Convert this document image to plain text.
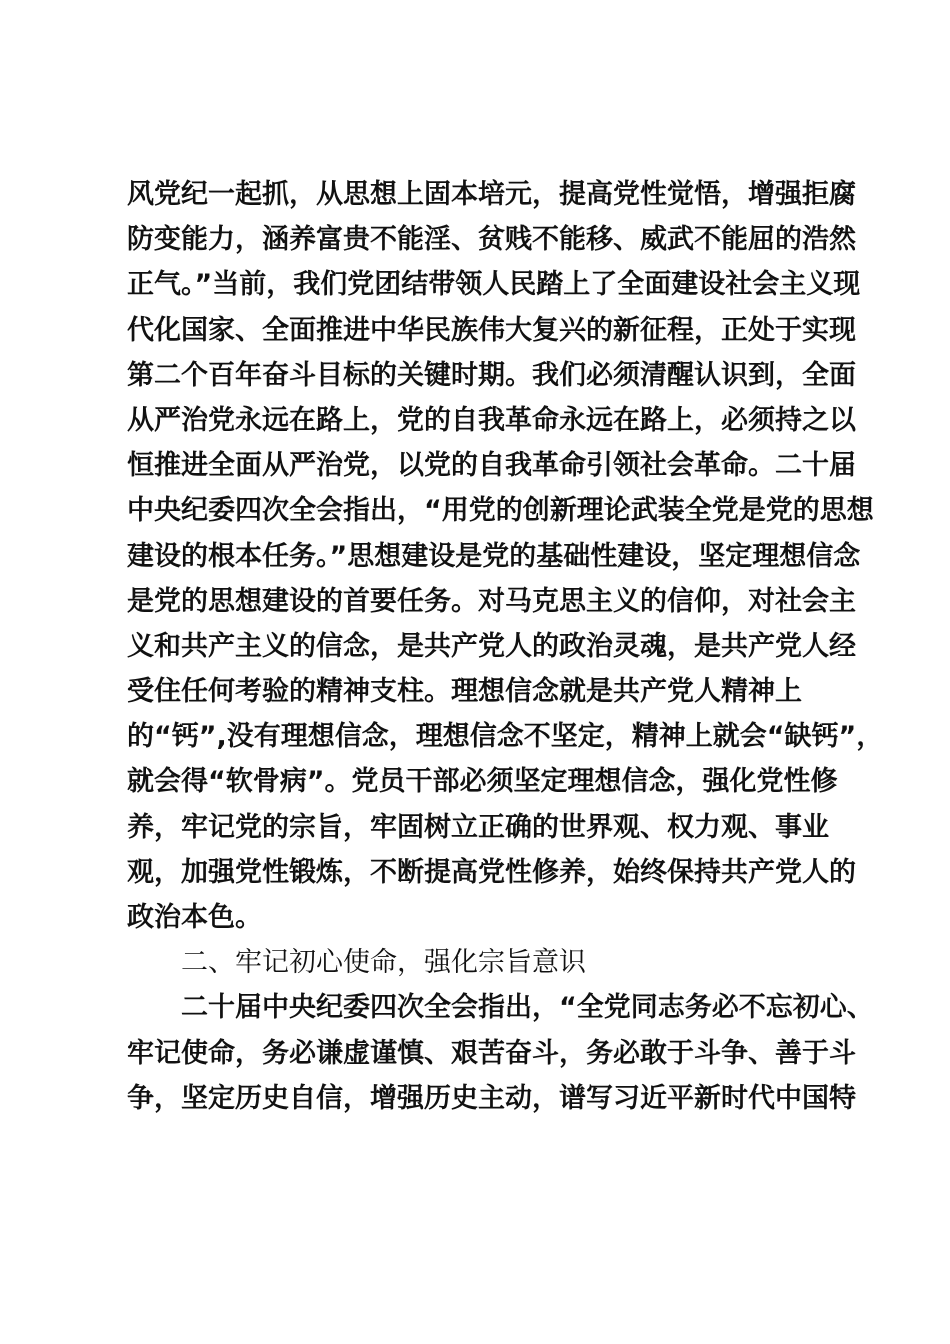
风党纪一起抓，从思想上固本培元，提高党性觉悟，增强拒腐
防变能力，涵养富贵不能淫、贫贱不能移、威武不能屈的浩然
正气。”当前，我们党团结带领人民踏上了全面建设社会主义现
代化国家、全面推进中华民族伟大复兴的新征程，正处于实现
第二个百年奋斗目标的关键时期。我们必须清醒认识到，全面
从严治党永远在路上，党的自我革命永远在路上，必须持之以
恒推进全面从严治党，以党的自我革命引领社会革命。二十届
中央纪委四次全会指出，“用党的创新理论武装全党是党的思想
建设的根本任务。”思想建设是党的基础性建设，坚定理想信念
是党的思想建设的首要任务。对马克思主义的信仰，对社会主
义和共产主义的信念，是共产党人的政治灵魂，是共产党人经
受住任何考验的精神支柱。理想信念就是共产党人精神上
的“钙”,没有理想信念，理想信念不坚定，精神上就会“缺钙”，
就会得“软骨病”。党员干部必须坚定理想信念，强化党性修
养，牢记党的宗旨，牢固树立正确的世界观、权力观、事业
观，加强党性锻炼，不断提高党性修养，始终保持共产党人的
政治本色。
二、牢记初心使命，强化宗旨意识
二十届中央纪委四次全会指出，“全党同志务必不忘初心、
牢记使命，务必谦虚谨慎、艰苦奋斗，务必敢于斗争、善于斗
争，坚定历史自信，增强历史主动，谱写习近平新时代中国特
